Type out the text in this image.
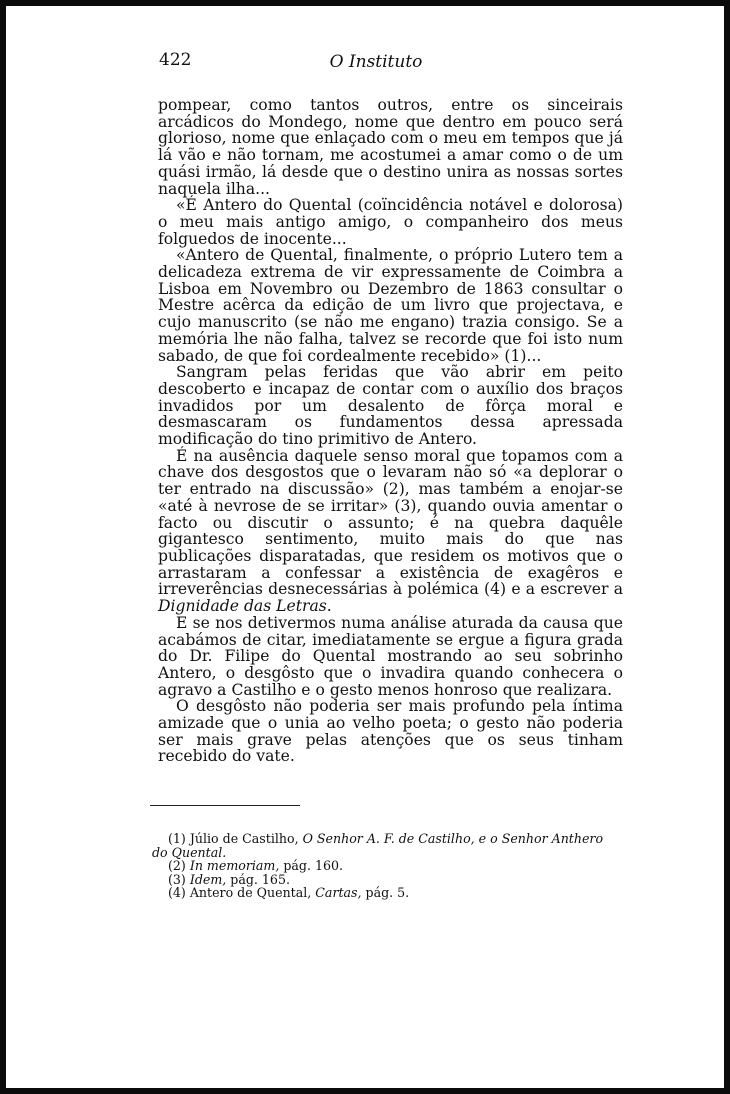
422	O Instituto

pompear, como tantos outros, entre os sinceirais arcádicos do Mondego, nome que dentro em pouco será glorioso, nome que enlaçado com o meu em tempos que já lá vão e não tornam, me acostumei a amar como o de um quási irmão, lá desde que o destino unira as nossas sortes naquela ilha...

«É Antero do Quental (coïncidência notável e dolorosa) o meu mais antigo amigo, o companheiro dos meus folguedos de inocente...

«Antero de Quental, finalmente, o próprio Lutero tem a delicadeza extrema de vir expressamente de Coimbra a Lisboa em Novembro ou Dezembro de 1863 consultar o Mestre acêrca da edição de um livro que projectava, e cujo manuscrito (se não me engano) trazia consigo. Se a memória lhe não falha, talvez se recorde que foi isto num sabado, de que foi cordealmente recebido» (1)...

Sangram pelas feridas que vão abrir em peito descoberto e incapaz de contar com o auxílio dos braços invadidos por um desalento de fôrça moral e desmascaram os fundamentos dessa apressada modificação do tino primitivo de Antero.

É na ausência daquele senso moral que topamos com a chave dos desgostos que o levaram não só «a deplorar o ter entrado na discussão» (2), mas também a enojar-se «até à nevrose de se irritar» (3), quando ouvia amentar o facto ou discutir o assunto; é na quebra daquêle gigantesco sentimento, muito mais do que nas publicações disparatadas, que residem os motivos que o arrastaram a confessar a existência de exagêros e irreverências desnecessárias à polémica (4) e a escrever a Dignidade das Letras.

E se nos detivermos numa análise aturada da causa que acabámos de citar, imediatamente se ergue a figura grada do Dr. Filipe do Quental mostrando ao seu sobrinho Antero, o desgôsto que o invadira quando conhecera o agravo a Castilho e o gesto menos honroso que realizara.

O desgôsto não poderia ser mais profundo pela íntima amizade que o unia ao velho poeta; o gesto não poderia ser mais grave pelas atenções que os seus tinham recebido do vate.

(1) Júlio de Castilho, O Senhor A. F. de Castilho, e o Senhor Anthero do Quental.

(2) In memoriam, pág. 160.

(3) Idem, pág. 165.

(4) Antero de Quental, Cartas, pág. 5.
